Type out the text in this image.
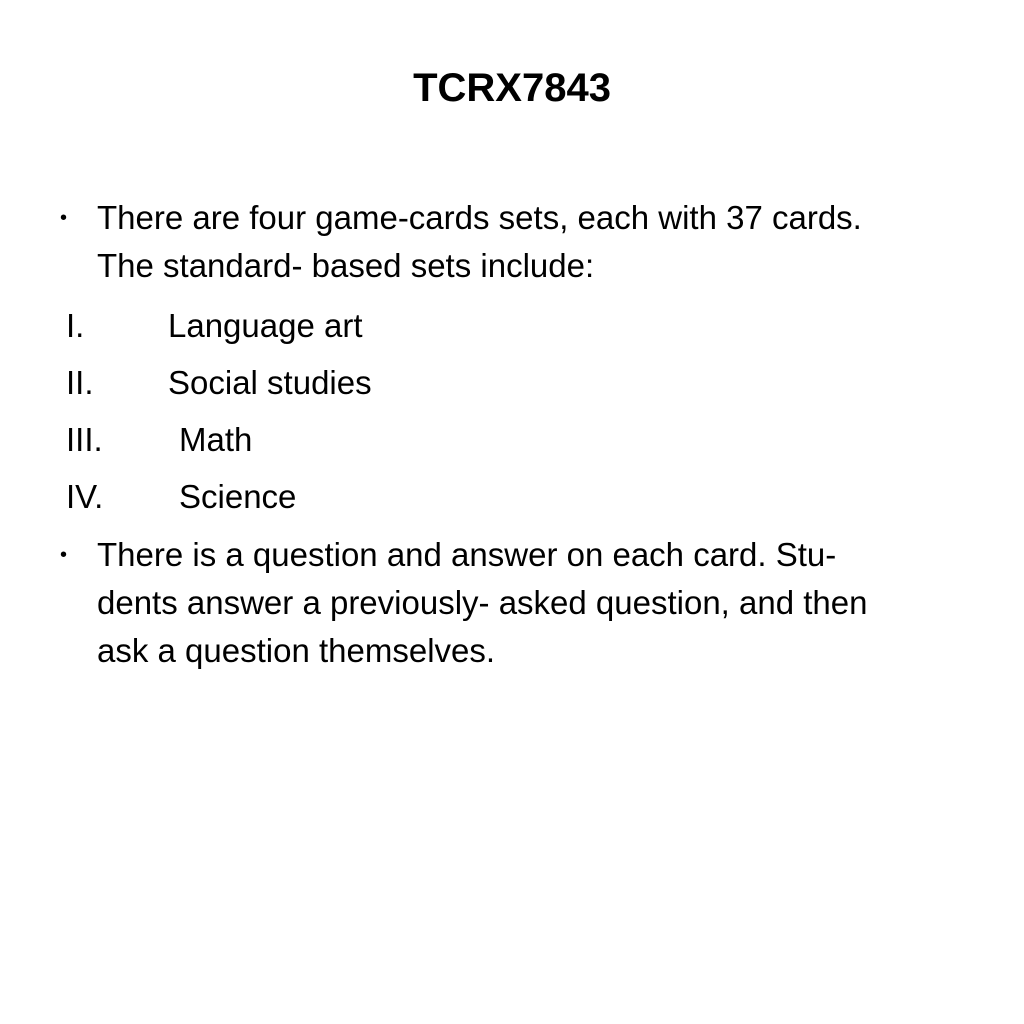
TCRX7843
• There are four game-cards sets, each with 37 cards.
The standard- based sets include:
I.	Language art
II. Social studies
III. Math
IV. Science
• There is a question and answer on each card. Stu-
dents answer a previously- asked question, and then
ask a question themselves.
